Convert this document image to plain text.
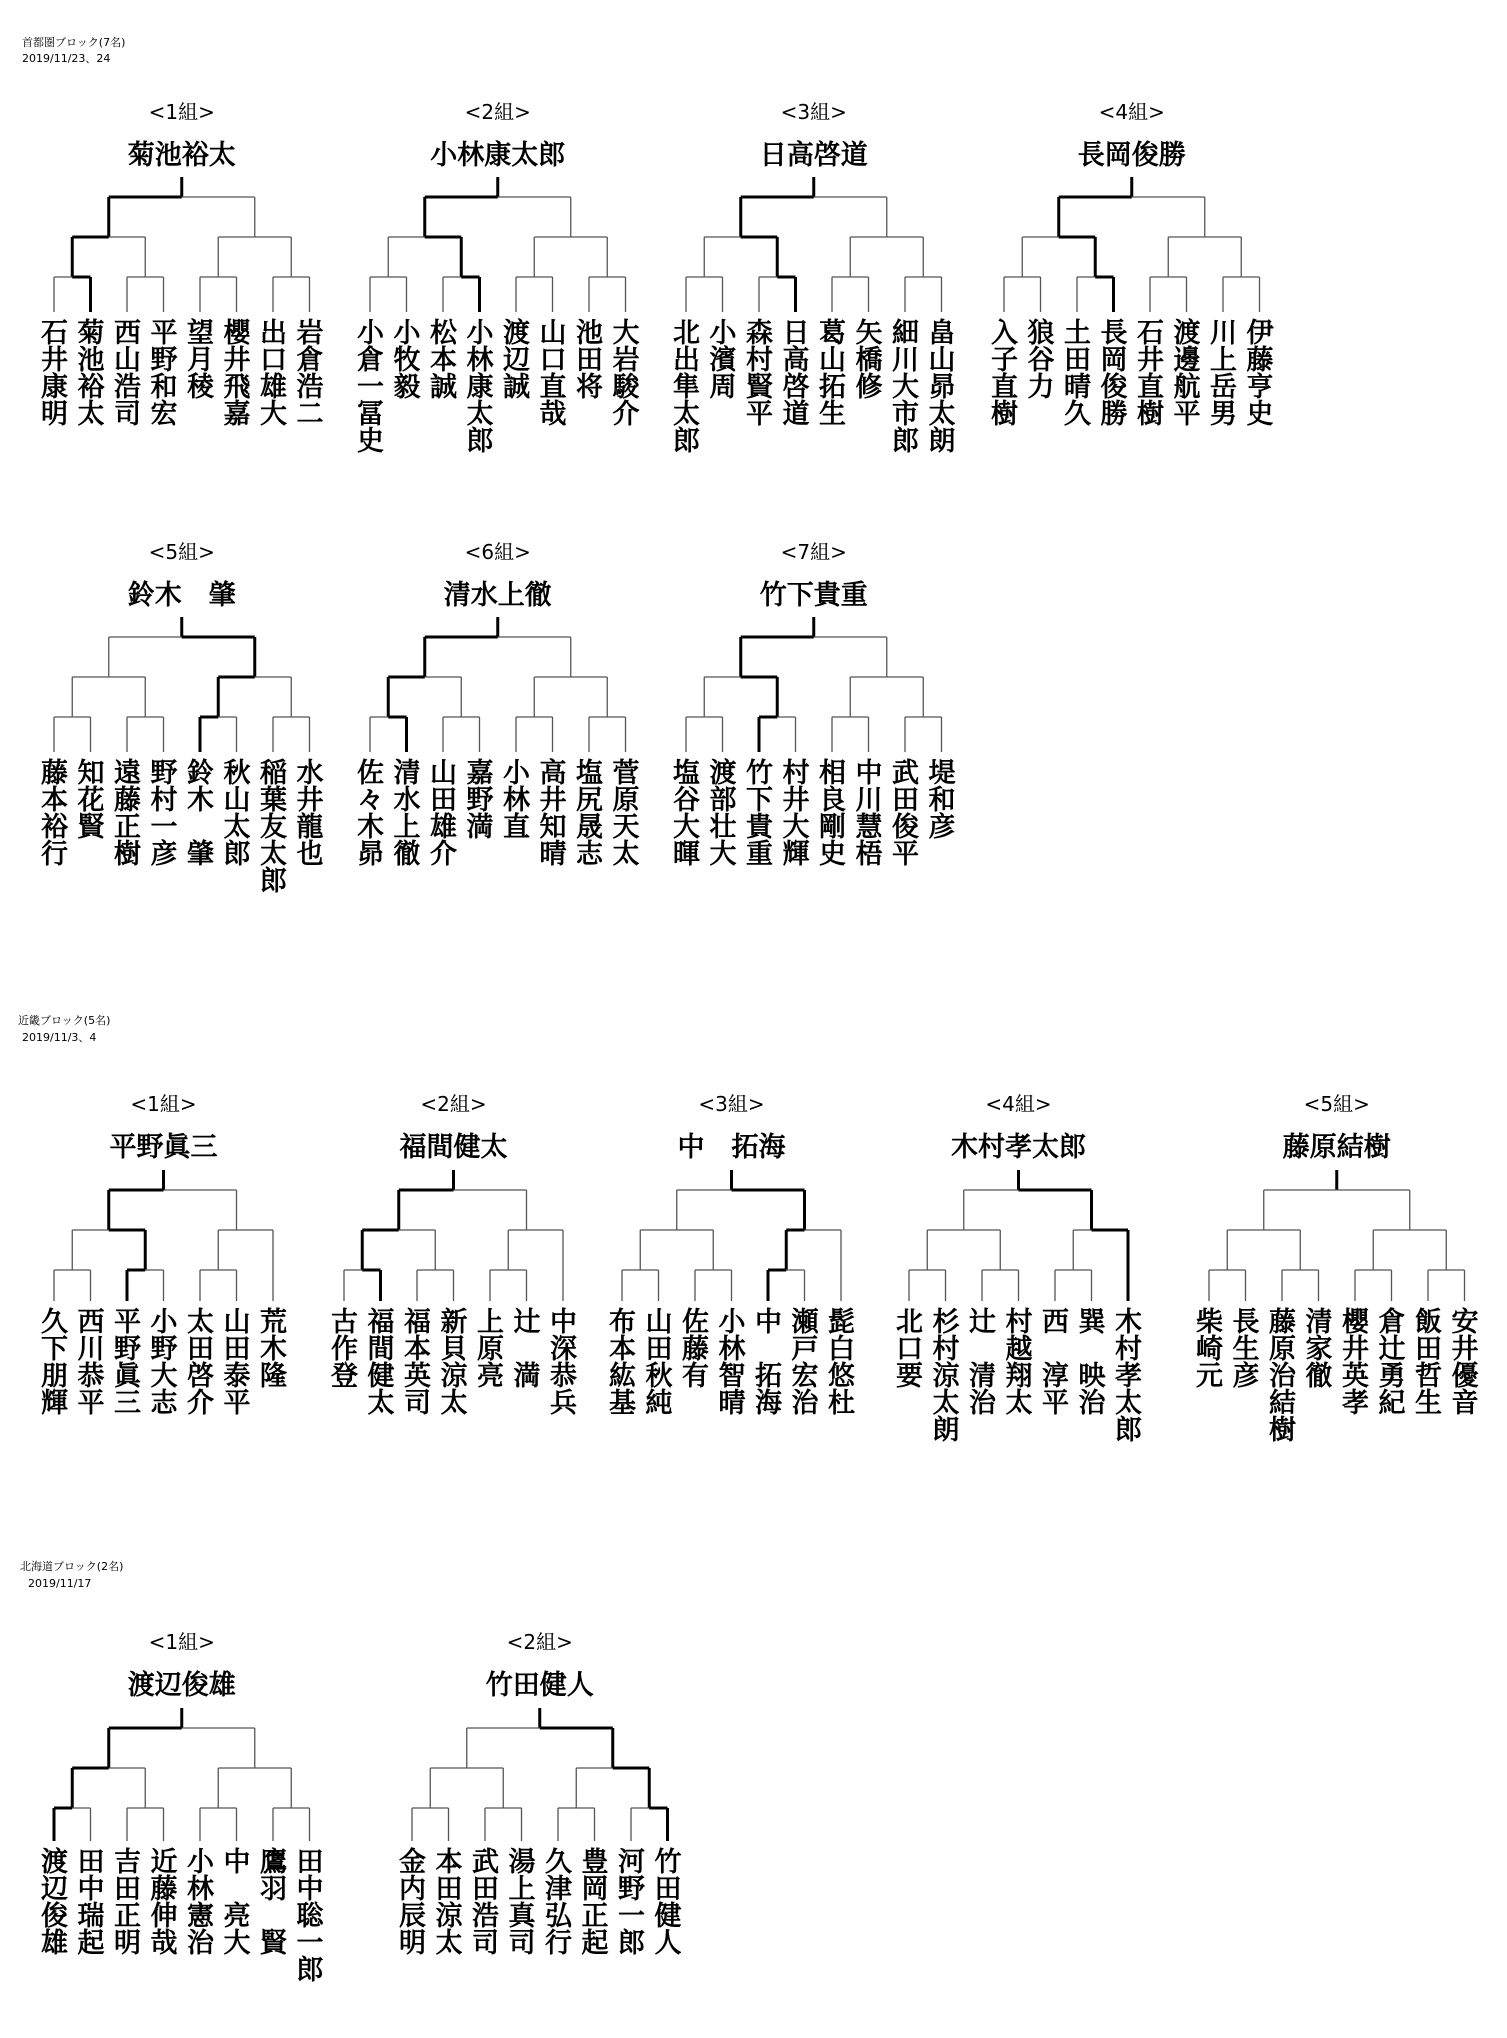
首都圏ブロック(7名)
2019/11/23、24
<1組>
菊池裕太
石井康明 菊池裕太 西山浩司 平野和宏 望月稜 櫻井飛嘉 出口雄大 岩倉浩二
<2組>
小林康太郎
小倉一冨史 小牧毅 松本誠 小林康太郎 渡辺誠 山口直哉 池田将 大岩駿介
<3組>
日高啓道
北出隼太郎 小濱周 森村賢平 日高啓道 葛山拓生 矢橋修 細川大市郎 畠山昴太朗
<4組>
長岡俊勝
入子直樹 狼谷力 土田晴久 長岡俊勝 石井直樹 渡邊航平 川上岳男 伊藤亨史
<5組>
鈴木　肇
藤本裕行 知花賢 遠藤正樹 野村一彦 鈴木　肇 秋山太郎 稲葉友太郎 水井龍也
<6組>
清水上徹
佐々木昴 清水上徹 山田雄介 嘉野満 小林直 高井知晴 塩尻晟志 菅原天太
<7組>
竹下貴重
塩谷大暉 渡部壮大 竹下貴重 村井大輝 相良剛史 中川慧梧 武田俊平 堤和彦
近畿ブロック(5名)
2019/11/3、4
<1組>
平野眞三
久下朋輝 西川恭平 平野眞三 小野大志 太田啓介 山田泰平 荒木隆
<2組>
福間健太
古作登 福間健太 福本英司 新貝涼太 上原亮 辻　満 中深恭兵
<3組>
中　拓海
布本紘基 山田秋純 佐藤有 小林智晴 中　拓海 瀬戸宏治 髭白悠杜
<4組>
木村孝太郎
北口要 杉村涼太朗 辻　清治 村越翔太 西　淳平 巽　映治 木村孝太郎
<5組>
藤原結樹
柴崎元 長生彦 藤原治結樹 清家徹 櫻井英孝 倉辻勇紀 飯田哲生 安井優音
北海道ブロック(2名)
2019/11/17
<1組>
渡辺俊雄
渡辺俊雄 田中瑞起 吉田正明 近藤伸哉 小林憲治 中　亮大 鷹羽　賢 田中聡一郎
<2組>
竹田健人
金内辰明 本田涼太 武田浩司 湯上真司 久津弘行 豊岡正起 河野一郎 竹田健人
